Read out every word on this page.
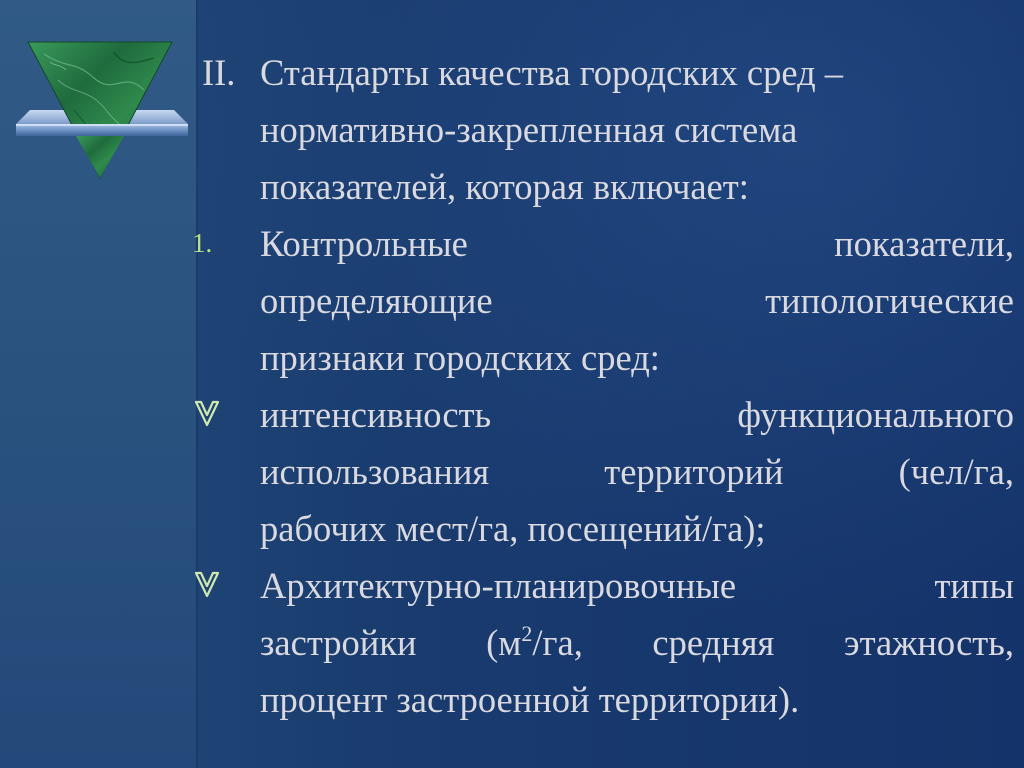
II. Стандарты качества городских сред –
нормативно-закрепленная система
показателей, которая включает:
1. Контрольные показатели,
определяющие типологические
признаки городских сред:
интенсивность функционального
использования территорий (чел/га,
рабочих мест/га, посещений/га);
Архитектурно-планировочные типы
застройки ($м^2/га$, средняя этажность,
процент застроенной территории).
